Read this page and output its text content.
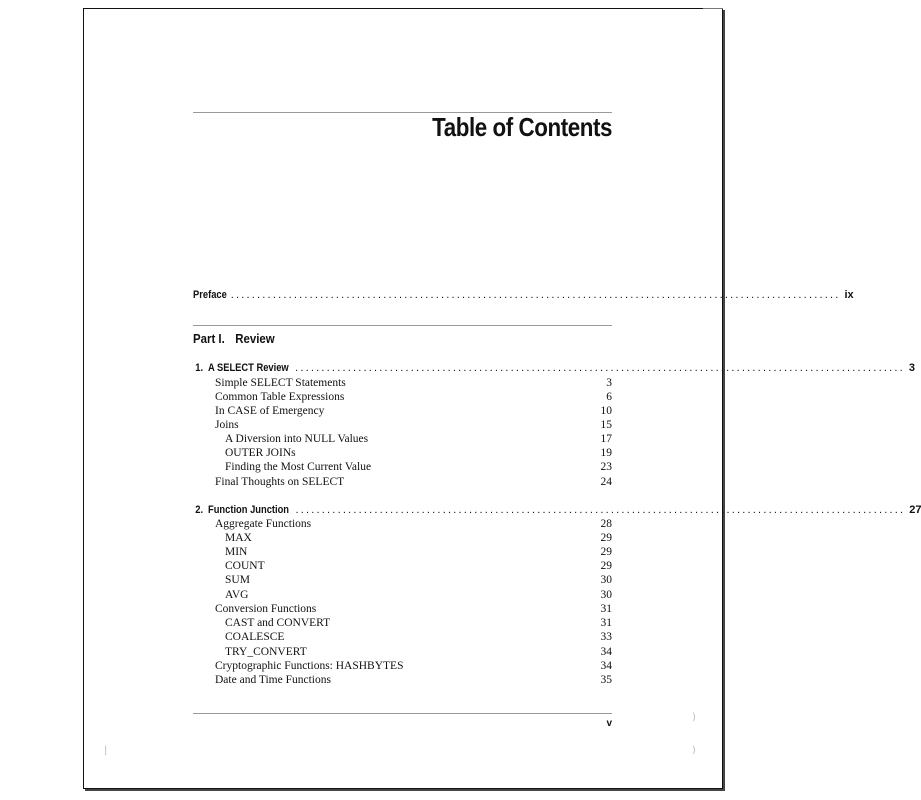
Table of Contents
Preface .................................................................................................................... ix
Part I. Review
1. A SELECT Review .................................................................................................................... 3
Simple SELECT Statements	3
Common Table Expressions	6
In CASE of Emergency	10
Joins	15
A Diversion into NULL Values	17
OUTER JOINs	19
Finding the Most Current Value	23
Final Thoughts on SELECT	24
2. Function Junction .................................................................................................................... 27
Aggregate Functions	28
MAX	29
MIN	29
COUNT	29
SUM	30
AVG	30
Conversion Functions	31
CAST and CONVERT	31
COALESCE	33
TRY_CONVERT	34
Cryptographic Functions: HASHBYTES	34
Date and Time Functions	35
v
|
)
)
